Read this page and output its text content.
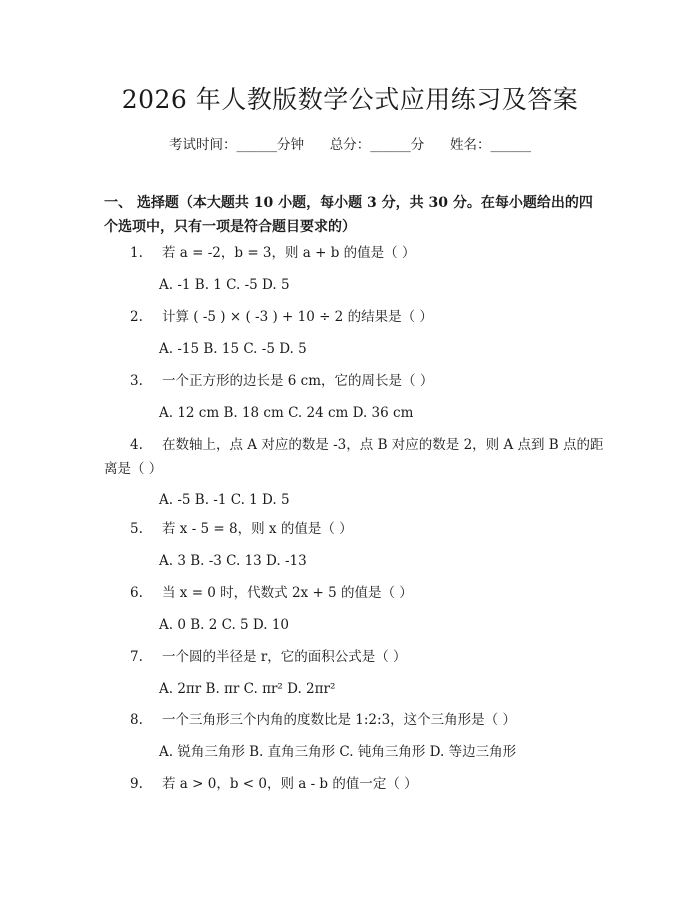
2026 年人教版数学公式应用练习及答案
考试时间：______分钟      总分：______分      姓名：______
一、 选择题（本大题共 10 小题，每小题 3 分，共 30 分。在每小题给出的四个选项中，只有一项是符合题目要求的）
1. 若 a = -2，b = 3，则 a + b 的值是（ ）
A. -1 B. 1 C. -5 D. 5
2. 计算 ( -5 ) × ( -3 ) + 10 ÷ 2 的结果是（ ）
A. -15 B. 15 C. -5 D. 5
3. 一个正方形的边长是 6 cm，它的周长是（ ）
A. 12 cm B. 18 cm C. 24 cm D. 36 cm
4. 在数轴上，点 A 对应的数是 -3，点 B 对应的数是 2，则 A 点到 B 点的距离是（ ）
A. -5 B. -1 C. 1 D. 5
5. 若 x - 5 = 8，则 x 的值是（ ）
A. 3 B. -3 C. 13 D. -13
6. 当 x = 0 时，代数式 2x + 5 的值是（ ）
A. 0 B. 2 C. 5 D. 10
7. 一个圆的半径是 r，它的面积公式是（ ）
A. 2πr B. πr C. πr² D. 2πr²
8. 一个三角形三个内角的度数比是 1:2:3，这个三角形是（ ）
A. 锐角三角形 B. 直角三角形 C. 钝角三角形 D. 等边三角形
9. 若 a > 0，b < 0，则 a - b 的值一定（ ）
